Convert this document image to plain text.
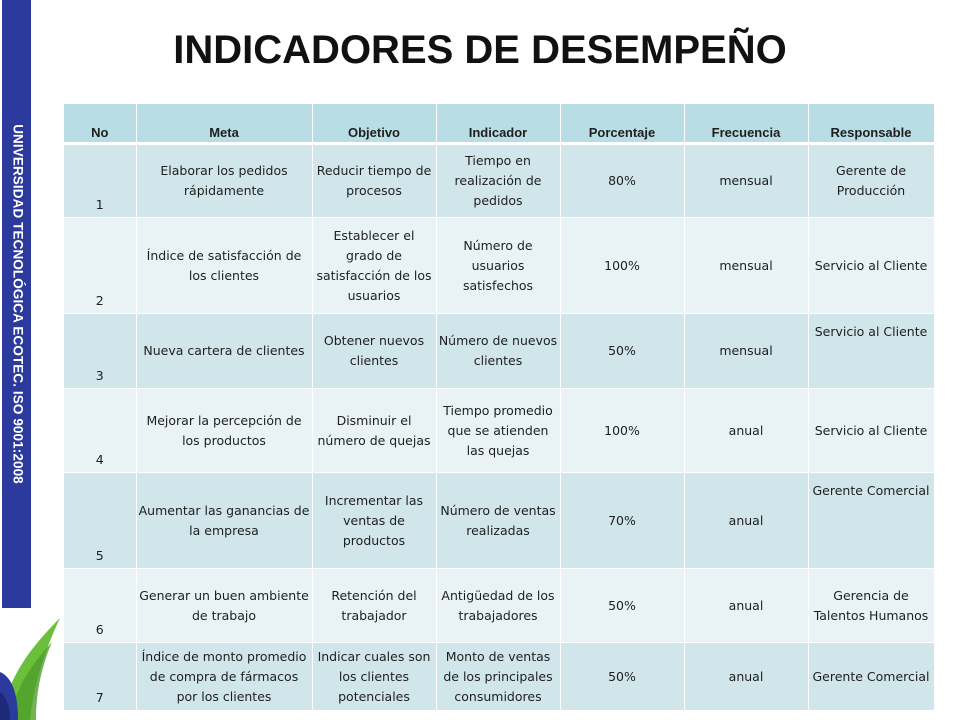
UNIVERSIDAD TECNOLÓGICA ECOTEC. ISO 9001:2008
INDICADORES DE DESEMPEÑO
No	Meta	Objetivo	Indicador	Porcentaje	Frecuencia	Responsable

1	Elaborar los pedidos rápidamente	Reducir tiempo de procesos	Tiempo en realización de pedidos	80%	mensual	Gerente de Producción
2	Índice de satisfacción de los clientes	Establecer el grado de satisfacción de los usuarios	Número de usuarios satisfechos	100%	mensual	Servicio al Cliente
3	Nueva cartera de clientes	Obtener nuevos clientes	Número de nuevos clientes	50%	mensual	Servicio al Cliente
4	Mejorar la percepción de los productos	Disminuir el número de quejas	Tiempo promedio que se atienden las quejas	100%	anual	Servicio al Cliente
5	Aumentar las ganancias de la empresa	Incrementar las ventas de productos	Número de ventas realizadas	70%	anual	Gerente Comercial
6	Generar un buen ambiente de trabajo	Retención del trabajador	Antigüedad de los trabajadores	50%	anual	Gerencia de Talentos Humanos
7	Índice de monto promedio de compra de fármacos por los clientes	Indicar cuales son los clientes potenciales	Monto de ventas de los principales consumidores	50%	anual	Gerente Comercial
